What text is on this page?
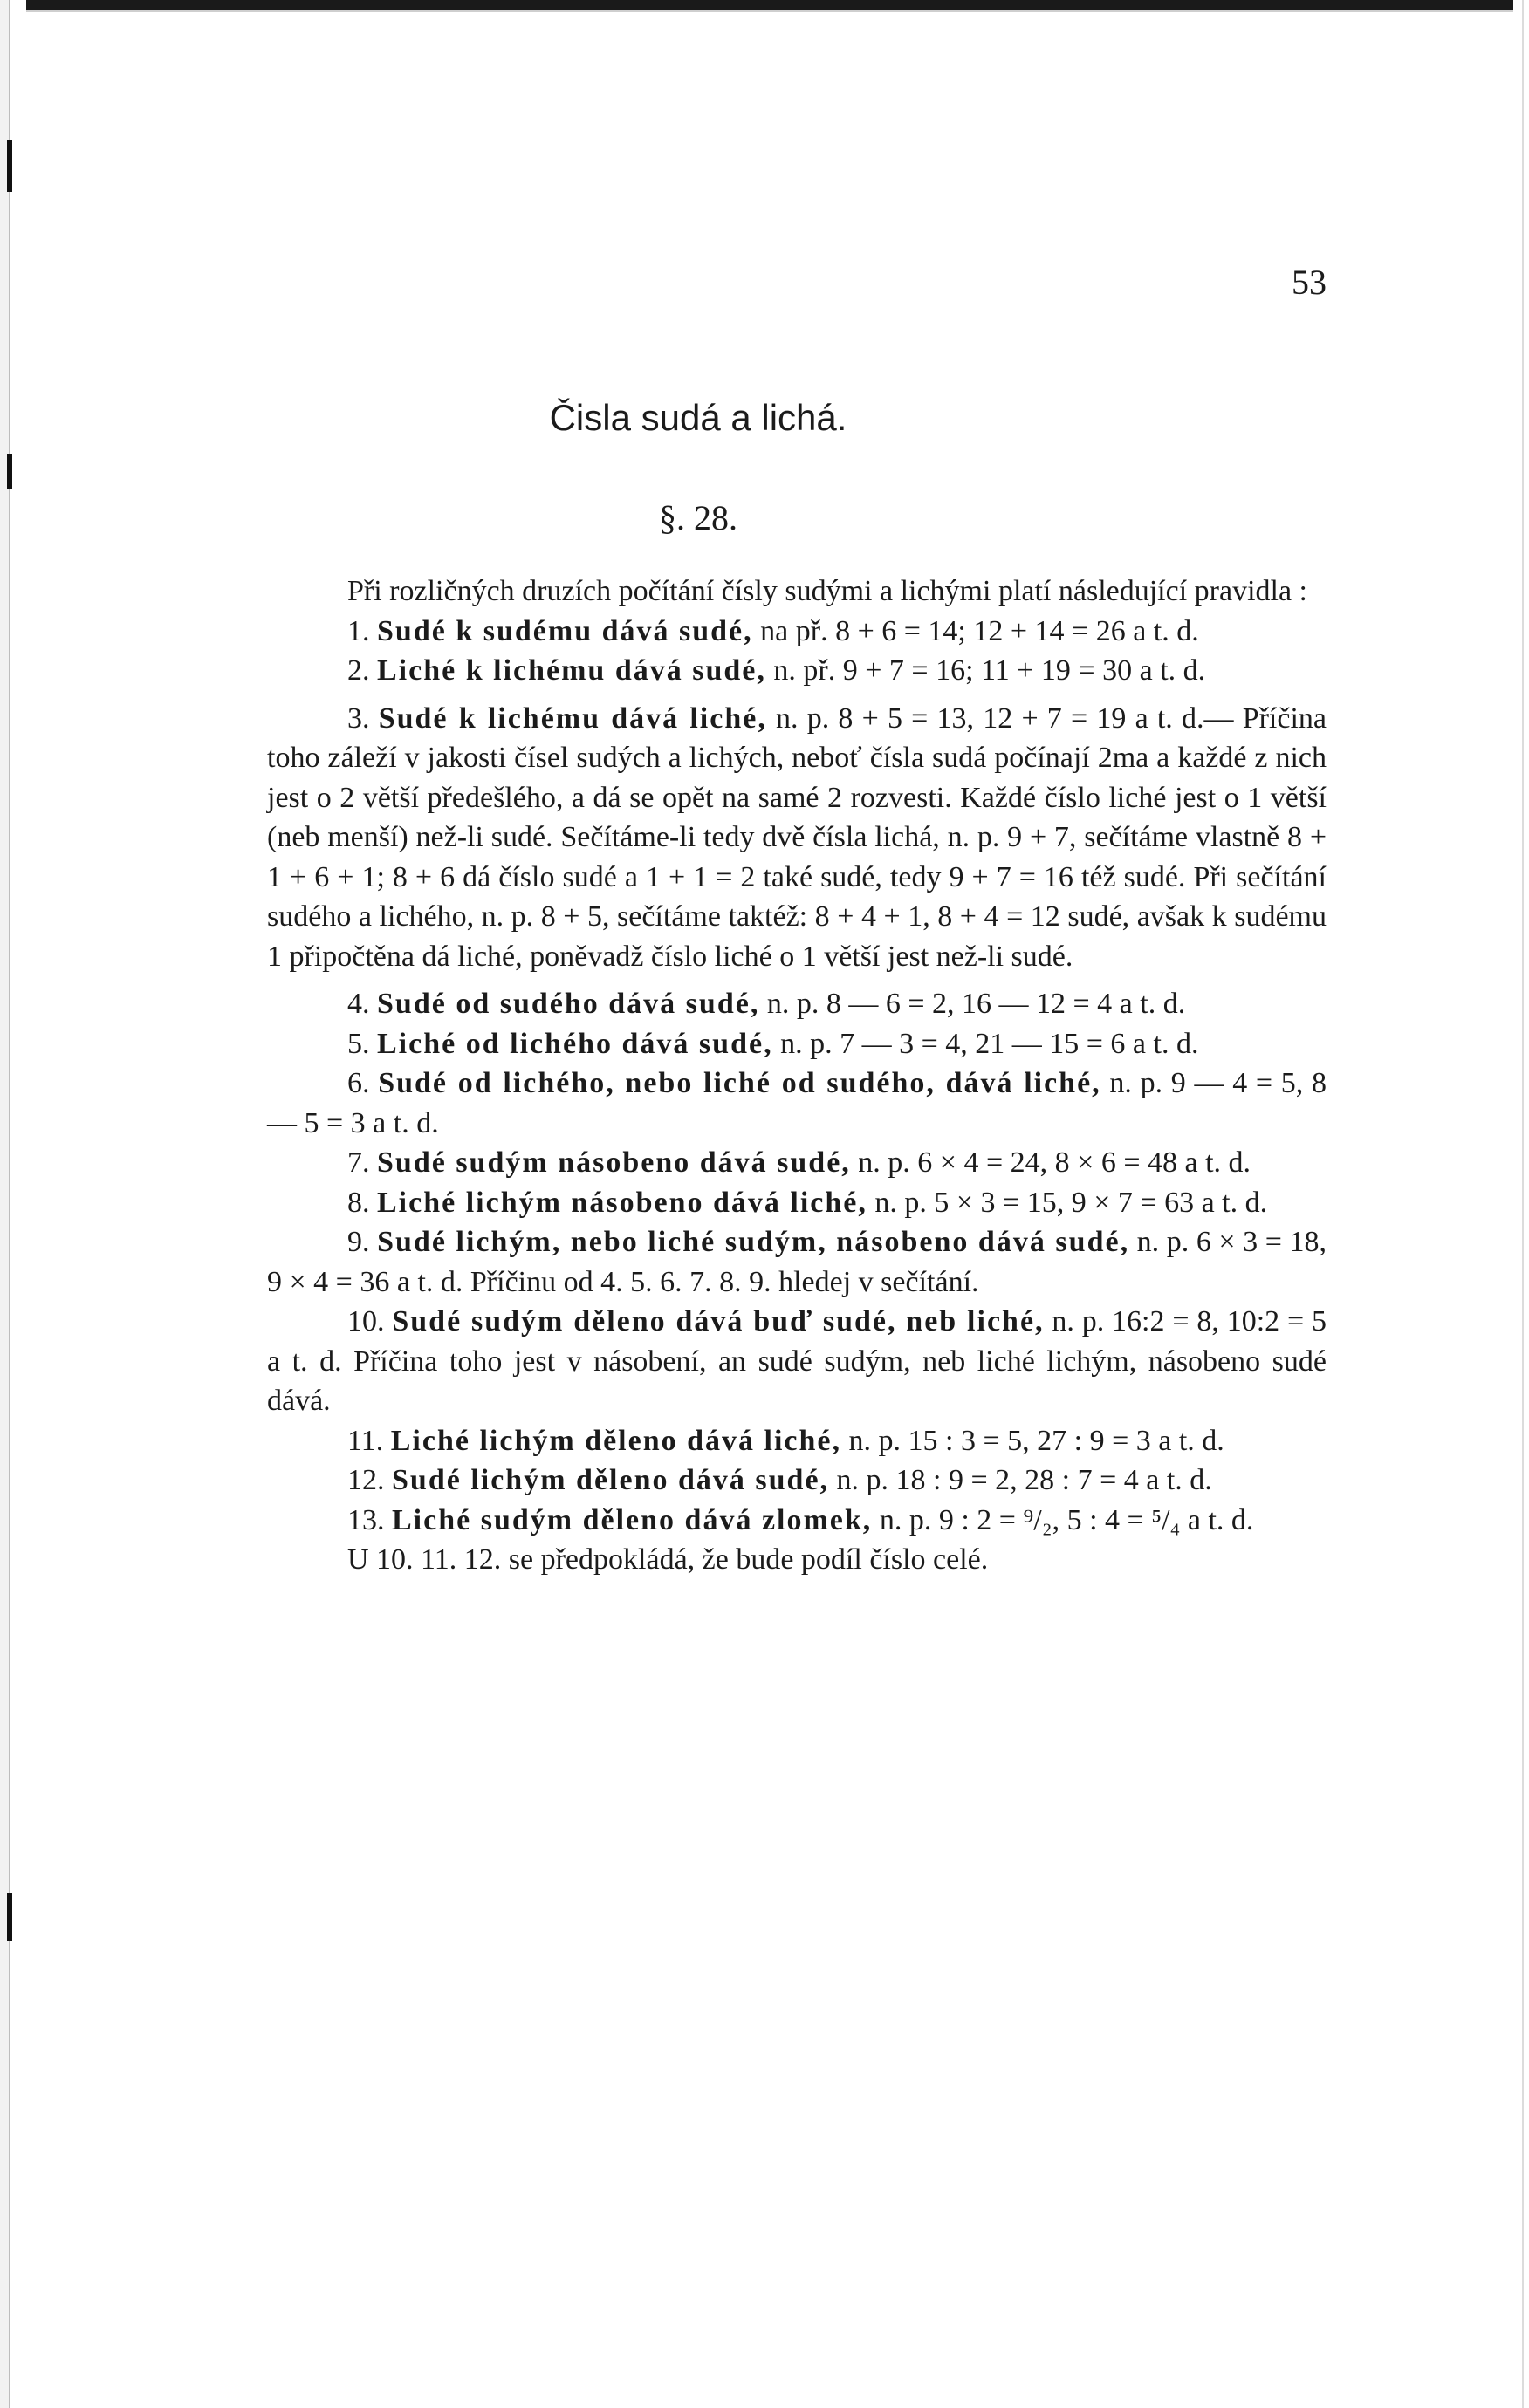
53
Čisla sudá a lichá.
§. 28.

Při rozličných druzích počítání čísly sudými a lichými platí následující pravidla :

1. Sudé k sudému dává sudé, na př. 8 + 6 = 14; 12 + 14 = 26 a t. d.

2. Liché k lichému dává sudé, n. př. 9 + 7 = 16; 11 + 19 = 30 a t. d.

3. Sudé k lichému dává liché, n. p. 8 + 5 = 13, 12 + 7 = 19 a t. d.— Příčina toho záleží v jakosti čísel sudých a lichých, neboť čísla sudá počínají 2ma a každé z nich jest o 2 větší předešlého, a dá se opět na samé 2 rozvesti. Každé číslo liché jest o 1 větší (neb menší) než-li sudé. Sečítáme-li tedy dvě čísla lichá, n. p. 9 + 7, sečítáme vlastně 8 + 1 + 6 + 1; 8 + 6 dá číslo sudé a 1 + 1 = 2 také sudé, tedy 9 + 7 = 16 též sudé. Při sečítání sudého a lichého, n. p. 8 + 5, sečítáme taktéž: 8 + 4 + 1, 8 + 4 = 12 sudé, avšak k sudému 1 připočtěna dá liché, poněvadž číslo liché o 1 větší jest než-li sudé.

4. Sudé od sudého dává sudé, n. p. 8 — 6 = 2, 16 — 12 = 4 a t. d.

5. Liché od lichého dává sudé, n. p. 7 — 3 = 4, 21 — 15 = 6 a t. d.

6. Sudé od lichého, nebo liché od sudého, dává liché, n. p. 9 — 4 = 5, 8 — 5 = 3 a t. d.

7. Sudé sudým násobeno dává sudé, n. p. 6 × 4 = 24, 8 × 6 = 48 a t. d.

8. Liché lichým násobeno dává liché, n. p. 5 × 3 = 15, 9 × 7 = 63 a t. d.

9. Sudé lichým, nebo liché sudým, násobeno dává sudé, n. p. 6 × 3 = 18, 9 × 4 = 36 a t. d. Příčinu od 4. 5. 6. 7. 8. 9. hledej v sečítání.

10. Sudé sudým děleno dává buď sudé, neb liché, n. p. 16:2 = 8, 10:2 = 5 a t. d. Příčina toho jest v násobení, an sudé sudým, neb liché lichým, násobeno sudé dává.

11. Liché lichým děleno dává liché, n. p. 15 : 3 = 5, 27 : 9 = 3 a t. d.

12. Sudé lichým děleno dává sudé, n. p. 18 : 9 = 2, 28 : 7 = 4 a t. d.

13. Liché sudým děleno dává zlomek, n. p. 9 : 2 = ⁹/₂, 5 : 4 = ⁵/₄ a t. d.

U 10. 11. 12. se předpokládá, že bude podíl číslo celé.
